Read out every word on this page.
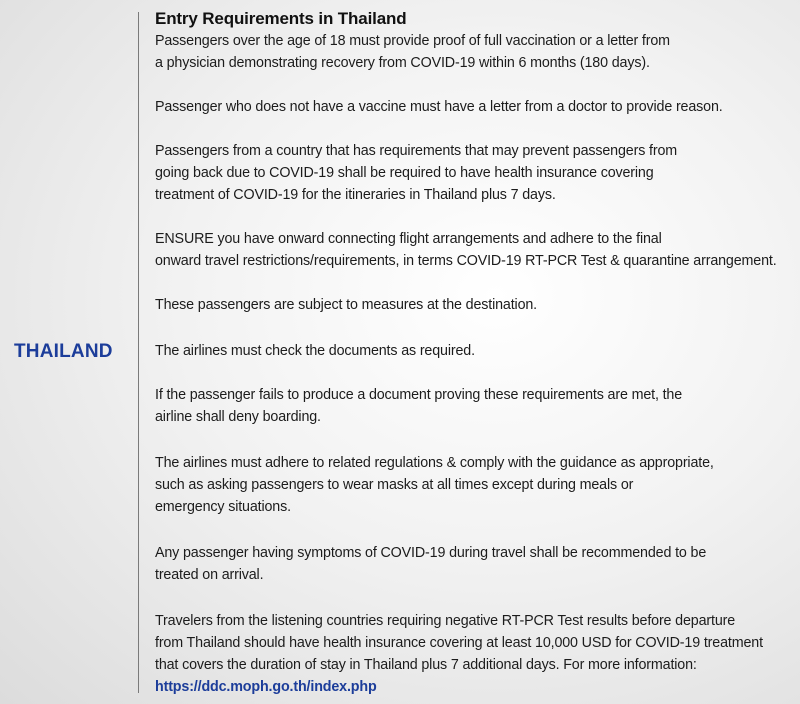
THAILAND
Entry Requirements in Thailand
Passengers over the age of 18 must provide proof of full vaccination or a letter from
a physician demonstrating recovery from COVID-19 within 6 months (180 days).
Passenger who does not have a vaccine must have a letter from a doctor to provide reason.
Passengers from a country that has requirements that may prevent passengers from
going back due to COVID-19 shall be required to have health insurance covering
treatment of COVID-19 for the itineraries in Thailand plus 7 days.
ENSURE you have onward connecting flight arrangements and adhere to the final
onward travel restrictions/requirements, in terms COVID-19 RT-PCR Test & quarantine arrangement.
These passengers are subject to measures at the destination.
The airlines must check the documents as required.
If the passenger fails to produce a document proving these requirements are met, the
airline shall deny boarding.
The airlines must adhere to related regulations & comply with the guidance as appropriate,
such as asking passengers to wear masks at all times except during meals or
emergency situations.
Any passenger having symptoms of COVID-19 during travel shall be recommended to be
treated on arrival.
Travelers from the listening countries requiring negative RT-PCR Test results before departure
from Thailand should have health insurance covering at least 10,000 USD for COVID-19 treatment
that covers the duration of stay in Thailand plus 7 additional days. For more information:
https://ddc.moph.go.th/index.php
